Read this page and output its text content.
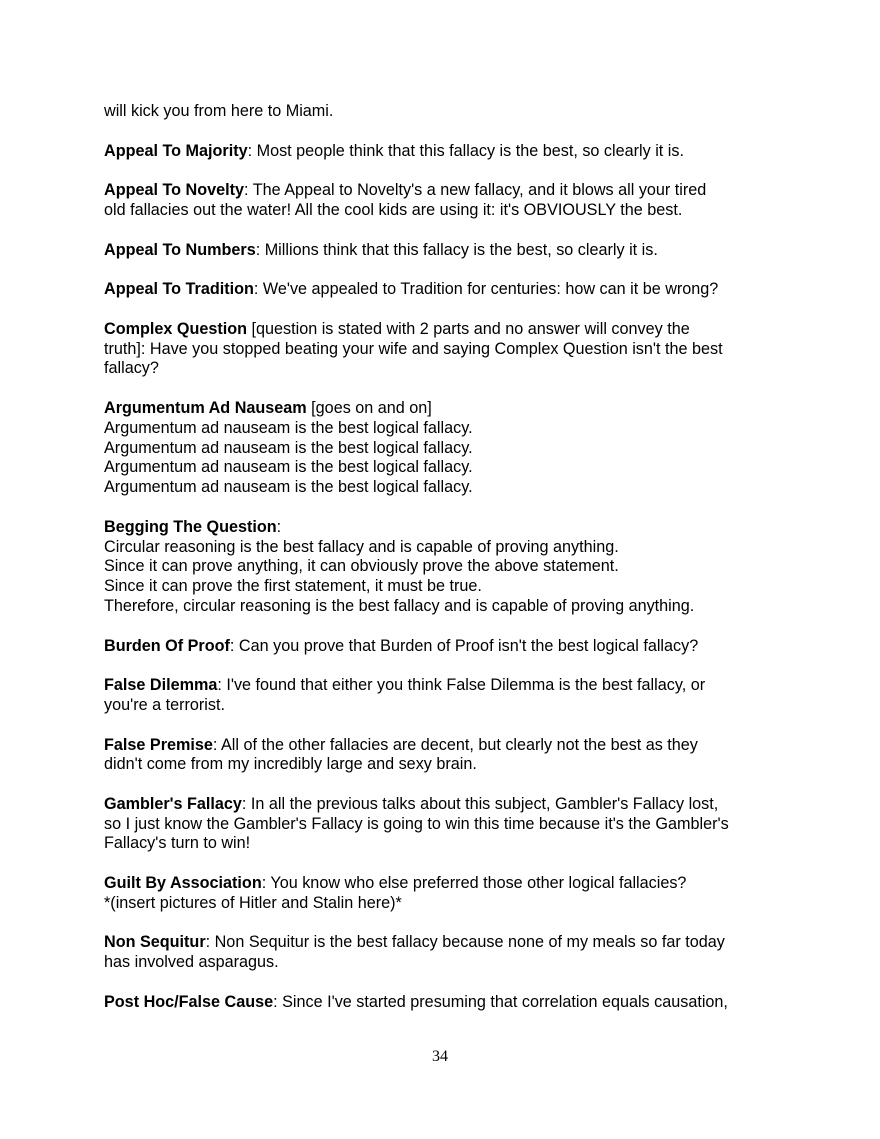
will kick you from here to Miami.
Appeal To Majority: Most people think that this fallacy is the best, so clearly it is.
Appeal To Novelty: The Appeal to Novelty's a new fallacy, and it blows all your tired
old fallacies out the water! All the cool kids are using it: it's OBVIOUSLY the best.
Appeal To Numbers: Millions think that this fallacy is the best, so clearly it is.
Appeal To Tradition: We've appealed to Tradition for centuries: how can it be wrong?
Complex Question [question is stated with 2 parts and no answer will convey the
truth]: Have you stopped beating your wife and saying Complex Question isn't the best
fallacy?
Argumentum Ad Nauseam [goes on and on]
Argumentum ad nauseam is the best logical fallacy.
Argumentum ad nauseam is the best logical fallacy.
Argumentum ad nauseam is the best logical fallacy.
Argumentum ad nauseam is the best logical fallacy.
Begging The Question:
Circular reasoning is the best fallacy and is capable of proving anything.
Since it can prove anything, it can obviously prove the above statement.
Since it can prove the first statement, it must be true.
Therefore, circular reasoning is the best fallacy and is capable of proving anything.
Burden Of Proof: Can you prove that Burden of Proof isn't the best logical fallacy?
False Dilemma: I've found that either you think False Dilemma is the best fallacy, or
you're a terrorist.
False Premise: All of the other fallacies are decent, but clearly not the best as they
didn't come from my incredibly large and sexy brain.
Gambler's Fallacy: In all the previous talks about this subject, Gambler's Fallacy lost,
so I just know the Gambler's Fallacy is going to win this time because it's the Gambler's
Fallacy's turn to win!
Guilt By Association: You know who else preferred those other logical fallacies?
*(insert pictures of Hitler and Stalin here)*
Non Sequitur: Non Sequitur is the best fallacy because none of my meals so far today
has involved asparagus.
Post Hoc/False Cause: Since I've started presuming that correlation equals causation,
34
